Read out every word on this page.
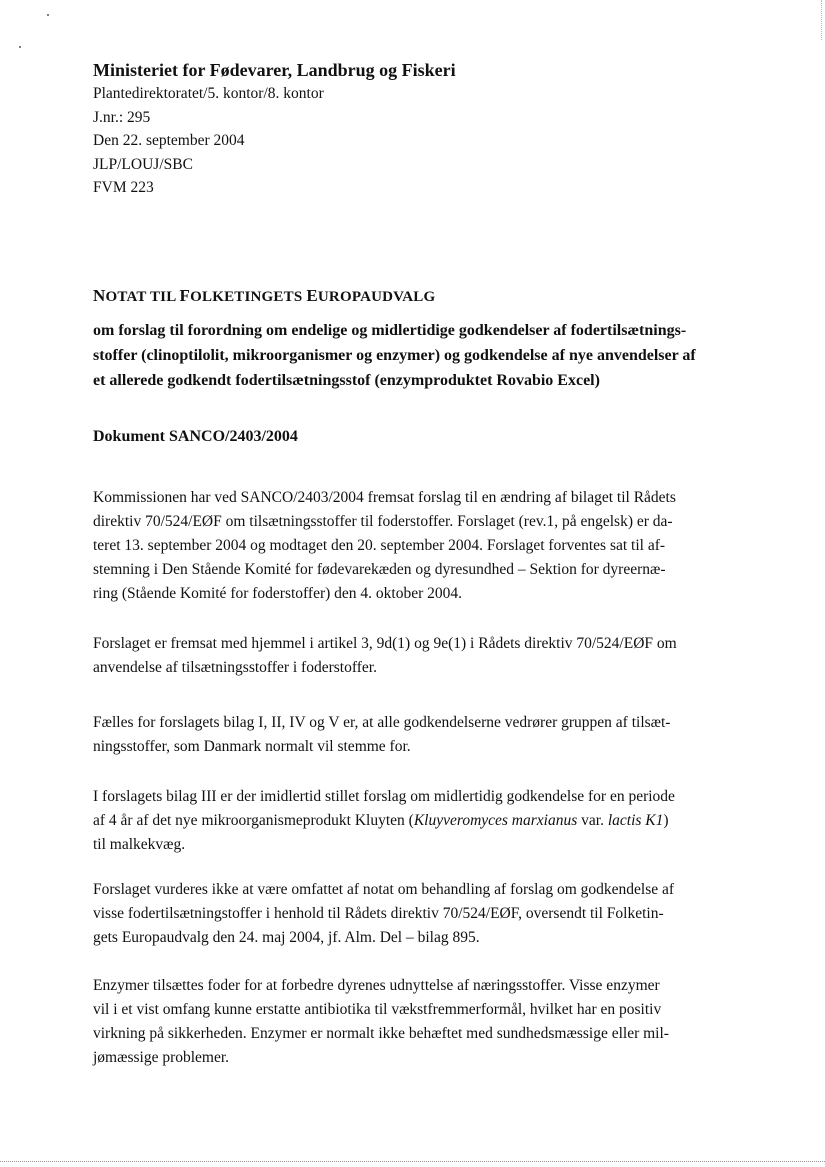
Ministeriet for Fødevarer, Landbrug og Fiskeri

Plantedirektoratet/5. kontor/8. kontor

J.nr.: 295

Den 22. september 2004

JLP/LOUJ/SBC

FVM 223

NOTAT TIL FOLKETINGETS EUROPAUDVALG

om forslag til forordning om endelige og midlertidige godkendelser af fodertilsætnings-
stoffer (clinoptilolit, mikroorganismer og enzymer) og godkendelse af nye anvendelser af
et allerede godkendt fodertilsætningsstof (enzymproduktet Rovabio Excel)

Dokument SANCO/2403/2004

Kommissionen har ved SANCO/2403/2004 fremsat forslag til en ændring af bilaget til Rådets
direktiv 70/524/EØF om tilsætningsstoffer til foderstoffer. Forslaget (rev.1, på engelsk) er da-
teret 13. september 2004 og modtaget den 20. september 2004. Forslaget forventes sat til af-
stemning i Den Stående Komité for fødevarekæden og dyresundhed – Sektion for dyreernæ-
ring (Stående Komité for foderstoffer) den 4. oktober 2004.

Forslaget er fremsat med hjemmel i artikel 3, 9d(1) og 9e(1) i Rådets direktiv 70/524/EØF om
anvendelse af tilsætningsstoffer i foderstoffer.

Fælles for forslagets bilag I, II, IV og V er, at alle godkendelserne vedrører gruppen af tilsæt-
ningsstoffer, som Danmark normalt vil stemme for.

I forslagets bilag III er der imidlertid stillet forslag om midlertidig godkendelse for en periode
af 4 år af det nye mikroorganismeprodukt Kluyten (Kluyveromyces marxianus var. lactis K1)
til malkekvæg.

Forslaget vurderes ikke at være omfattet af notat om behandling af forslag om godkendelse af
visse fodertilsætningstoffer i henhold til Rådets direktiv 70/524/EØF, oversendt til Folketin-
gets Europaudvalg den 24. maj 2004, jf. Alm. Del – bilag 895.

Enzymer tilsættes foder for at forbedre dyrenes udnyttelse af næringsstoffer. Visse enzymer
vil i et vist omfang kunne erstatte antibiotika til vækstfremmerformål, hvilket har en positiv
virkning på sikkerheden. Enzymer er normalt ikke behæftet med sundhedsmæssige eller mil-
jømæssige problemer.
